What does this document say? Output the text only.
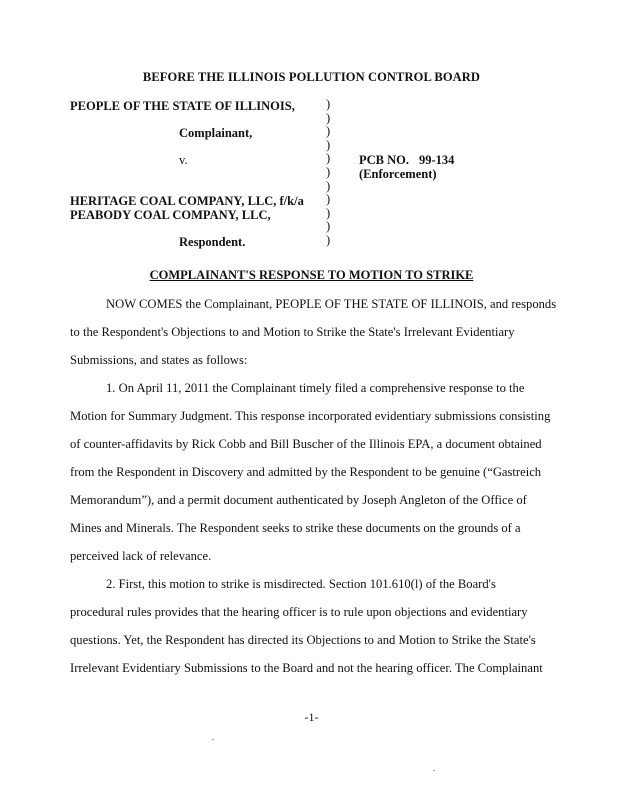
BEFORE THE ILLINOIS POLLUTION CONTROL BOARD
PEOPLE OF THE STATE OF ILLINOIS,
Complainant,
v.
HERITAGE COAL COMPANY, LLC, f/k/a
PEABODY COAL COMPANY, LLC,
Respondent.
)
)
)
)
)
)
)
)
)
)
)
PCB NO. 99-134
(Enforcement)
COMPLAINANT'S RESPONSE TO MOTION TO STRIKE
NOW COMES the Complainant, PEOPLE OF THE STATE OF ILLINOIS, and responds
to the Respondent's Objections to and Motion to Strike the State's Irrelevant Evidentiary
Submissions, and states as follows:
1. On April 11, 2011 the Complainant timely filed a comprehensive response to the
Motion for Summary Judgment. This response incorporated evidentiary submissions consisting
of counter-affidavits by Rick Cobb and Bill Buscher of the Illinois EPA, a document obtained
from the Respondent in Discovery and admitted by the Respondent to be genuine (“Gastreich
Memorandum”), and a permit document authenticated by Joseph Angleton of the Office of
Mines and Minerals. The Respondent seeks to strike these documents on the grounds of a
perceived lack of relevance.
2. First, this motion to strike is misdirected. Section 101.610(l) of the Board's
procedural rules provides that the hearing officer is to rule upon objections and evidentiary
questions. Yet, the Respondent has directed its Objections to and Motion to Strike the State's
Irrelevant Evidentiary Submissions to the Board and not the hearing officer. The Complainant
-1-
